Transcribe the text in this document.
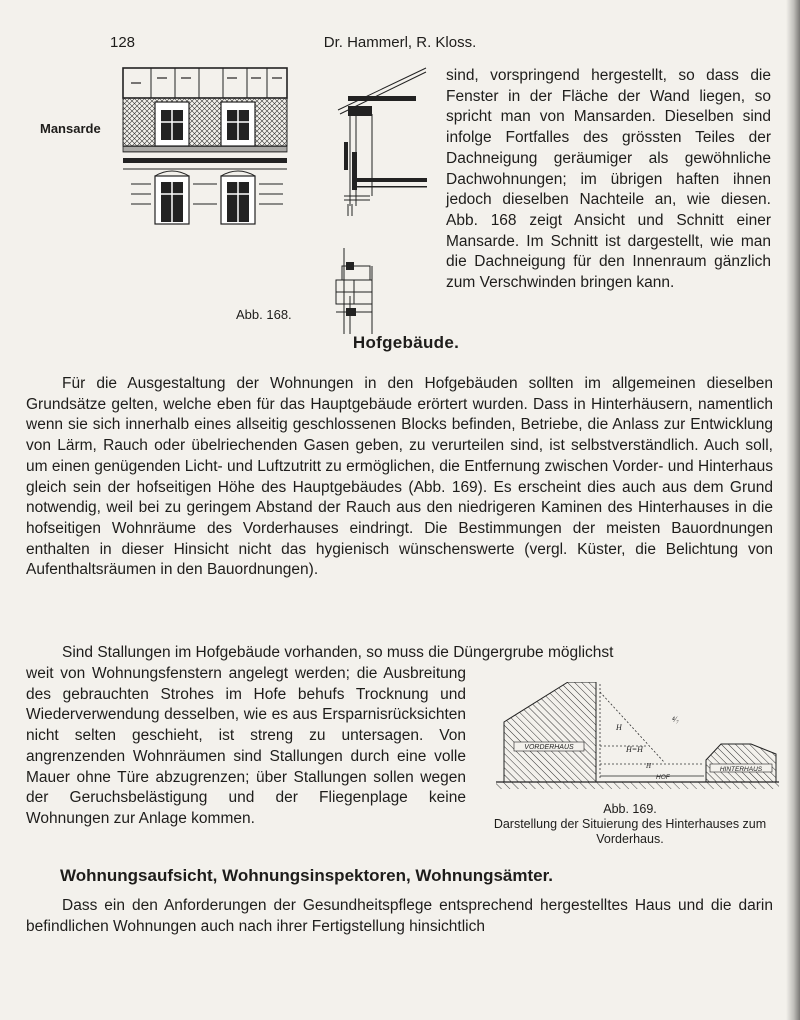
128	Dr. Hammerl, R. Kloss.
Mansarde
Abb. 168.

sind, vorspringend hergestellt, so dass die Fenster in der Fläche der Wand liegen, so spricht man von Mansarden. Dieselben sind infolge Fortfalles des grössten Teiles der Dachneigung geräumiger als gewöhnliche Dachwohnungen; im übrigen haften ihnen jedoch dieselben Nachteile an, wie diesen. Abb. 168 zeigt Ansicht und Schnitt einer Mansarde. Im Schnitt ist dargestellt, wie man die Dachneigung für den Innenraum gänzlich zum Verschwinden bringen kann.

Hofgebäude.

Für die Ausgestaltung der Wohnungen in den Hofgebäuden sollten im allgemeinen dieselben Grundsätze gelten, welche eben für das Hauptgebäude erörtert wurden. Dass in Hinterhäusern, namentlich wenn sie sich innerhalb eines allseitig geschlossenen Blocks befinden, Betriebe, die Anlass zur Entwicklung von Lärm, Rauch oder übelriechenden Gasen geben, zu verurteilen sind, ist selbstverständlich. Auch soll, um einen genügenden Licht- und Luftzutritt zu ermöglichen, die Entfernung zwischen Vorder- und Hinterhaus gleich sein der hofseitigen Höhe des Hauptgebäudes (Abb. 169). Es erscheint dies auch aus dem Grund notwendig, weil bei zu geringem Abstand der Rauch aus den niedrigeren Kaminen des Hinterhauses in die hofseitigen Wohnräume des Vorderhauses eindringt. Die Bestimmungen der meisten Bauordnungen enthalten in dieser Hinsicht nicht das hygienisch wünschenswerte (vergl. Küster, die Belichtung von Aufenthaltsräumen in den Bauordnungen).

Sind Stallungen im Hofgebäude vorhanden, so muss die Düngergrube möglichst

weit von Wohnungsfenstern angelegt werden; die Ausbreitung des gebrauchten Strohes im Hofe behufs Trocknung und Wiederverwendung desselben, wie es aus Ersparnisrücksichten nicht selten geschieht, ist streng zu untersagen. Von angrenzenden Wohnräumen sind Stallungen durch eine volle Mauer ohne Türe abzugrenzen; über Stallungen sollen wegen der Geruchsbelästigung und der Fliegenplage keine Wohnungen zur Anlage kommen.

VORDERHAUS
HINTERHAUS
H
⁴⁄₇
H=H
H
HOF
Abb. 169.
Darstellung der Situierung des Hinterhauses zum Vorderhaus.
Wohnungsaufsicht, Wohnungsinspektoren, Wohnungsämter.

Dass ein den Anforderungen der Gesundheitspflege entsprechend hergestelltes Haus und die darin befindlichen Wohnungen auch nach ihrer Fertigstellung hinsichtlich
